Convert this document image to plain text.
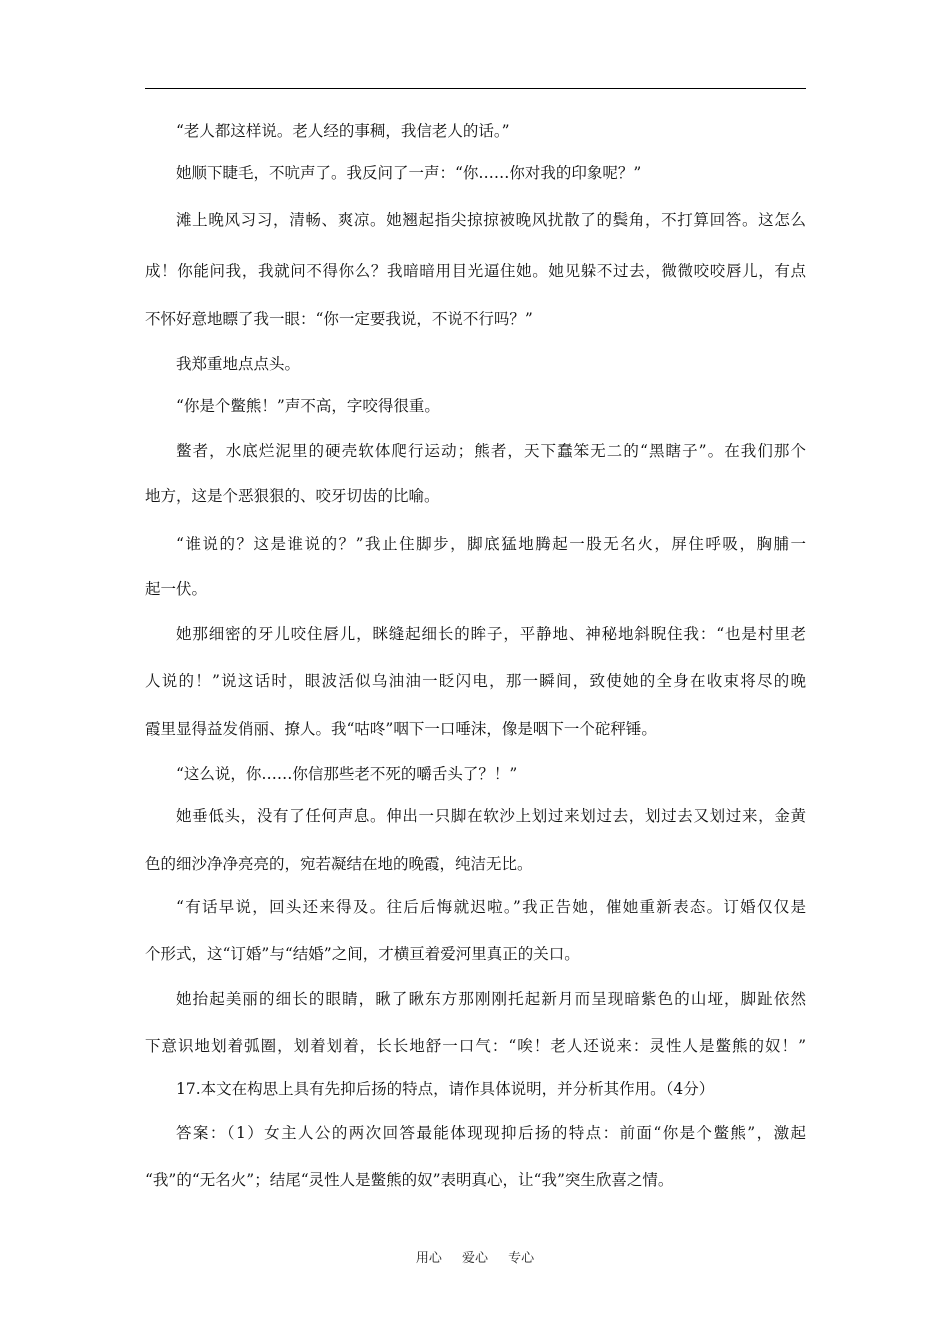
“老人都这样说。老人经的事稠，我信老人的话。”
她顺下睫毛，不吭声了。我反问了一声：“你……你对我的印象呢？”
滩上晚风习习，清畅、爽凉。她翘起指尖掠掠被晚风扰散了的鬓角，不打算回答。这怎么
成！你能问我，我就问不得你么？我暗暗用目光逼住她。她见躲不过去，微微咬咬唇儿，有点
不怀好意地瞟了我一眼：“你一定要我说，不说不行吗？”
我郑重地点点头。
“你是个鳖熊！”声不高，字咬得很重。
鳖者，水底烂泥里的硬壳软体爬行运动；熊者，天下蠢笨无二的“黑瞎子”。在我们那个
地方，这是个恶狠狠的、咬牙切齿的比喻。
“谁说的？这是谁说的？”我止住脚步，脚底猛地腾起一股无名火，屏住呼吸，胸脯一
起一伏。
她那细密的牙儿咬住唇儿，眯缝起细长的眸子，平静地、神秘地斜睨住我：“也是村里老
人说的！”说这话时，眼波活似乌油油一眨闪电，那一瞬间，致使她的全身在收束将尽的晚
霞里显得益发俏丽、撩人。我“咕咚”咽下一口唾沫，像是咽下一个砣秤锤。
“这么说，你……你信那些老不死的嚼舌头了？！”
她垂低头，没有了任何声息。伸出一只脚在软沙上划过来划过去，划过去又划过来，金黄
色的细沙净净亮亮的，宛若凝结在地的晚霞，纯洁无比。
“有话早说，回头还来得及。往后后悔就迟啦。”我正告她，催她重新表态。订婚仅仅是
个形式，这“订婚”与“结婚”之间，才横亘着爱河里真正的关口。
她抬起美丽的细长的眼睛，瞅了瞅东方那刚刚托起新月而呈现暗紫色的山垭，脚趾依然
下意识地划着弧圈，划着划着，长长地舒一口气：“唉！老人还说来：灵性人是鳖熊的奴！”
17.本文在构思上具有先抑后扬的特点，请作具体说明，并分析其作用。（4分）
答案：（1）女主人公的两次回答最能体现现抑后扬的特点：前面“你是个鳖熊”，激起
“我”的“无名火”；结尾“灵性人是鳖熊的奴”表明真心，让“我”突生欣喜之情。
用心 爱心 专心
